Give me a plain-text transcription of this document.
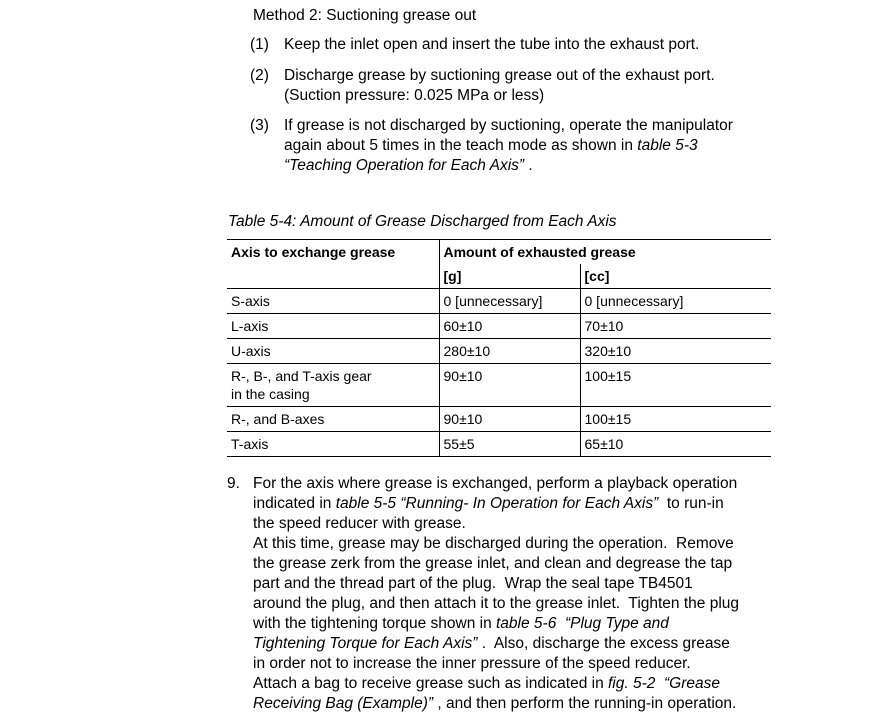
Method 2: Suctioning grease out
(1) Keep the inlet open and insert the tube into the exhaust port.
(2) Discharge grease by suctioning grease out of the exhaust port.
(Suction pressure: 0.025 MPa or less)
(3) If grease is not discharged by suctioning, operate the manipulator
again about 5 times in the teach mode as shown in table 5-3
“Teaching Operation for Each Axis” .
Table 5-4: Amount of Grease Discharged from Each Axis
Axis to exchange grease	Amount of exhausted grease	
	[g]	[cc]
S-axis	0 [unnecessary]	0 [unnecessary]
L-axis	60±10	70±10
U-axis	280±10	320±10
R-, B-, and T-axis gear
in the casing	90±10	100±15
R-, and B-axes	90±10	100±15
T-axis	55±5	65±10
9. For the axis where grease is exchanged, perform a playback operation
indicated in table 5-5 “Running- In Operation for Each Axis”  to run-in
the speed reducer with grease.
At this time, grease may be discharged during the operation.  Remove
the grease zerk from the grease inlet, and clean and degrease the tap
part and the thread part of the plug.  Wrap the seal tape TB4501
around the plug, and then attach it to the grease inlet.  Tighten the plug
with the tightening torque shown in table 5-6 “Plug Type and
Tightening Torque for Each Axis” .  Also, discharge the excess grease
in order not to increase the inner pressure of the speed reducer.
Attach a bag to receive grease such as indicated in fig. 5-2 “Grease
Receiving Bag (Example)” , and then perform the running-in operation.
